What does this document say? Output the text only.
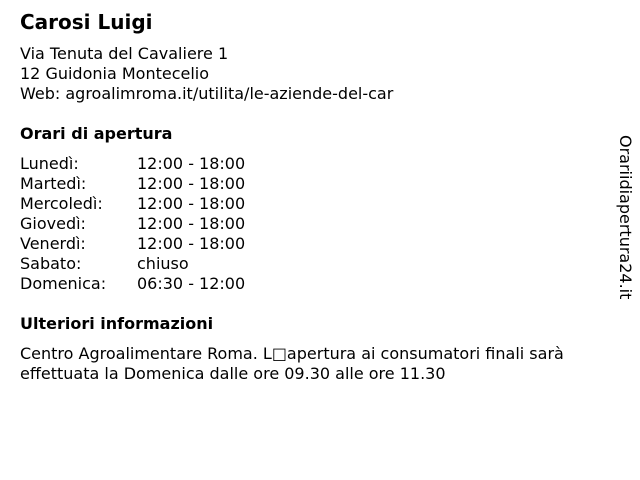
Carosi Luigi
Via Tenuta del Cavaliere 1
12 Guidonia Montecelio
Web: agroalimroma.it/utilita/le-aziende-del-car
Orari di apertura
Lunedì:	12:00 - 18:00
Martedì:	12:00 - 18:00
Mercoledì: 12:00 - 18:00
Giovedì:	12:00 - 18:00
Venerdì:	12:00 - 18:00
Sabato:	chiuso
Domenica: 06:30 - 12:00
Ulteriori informazioni
Centro Agroalimentare Roma. L□apertura ai consumatori finali sarà effettuata la Domenica dalle ore 09.30 alle ore 11.30
Orariidiapertura24.it
